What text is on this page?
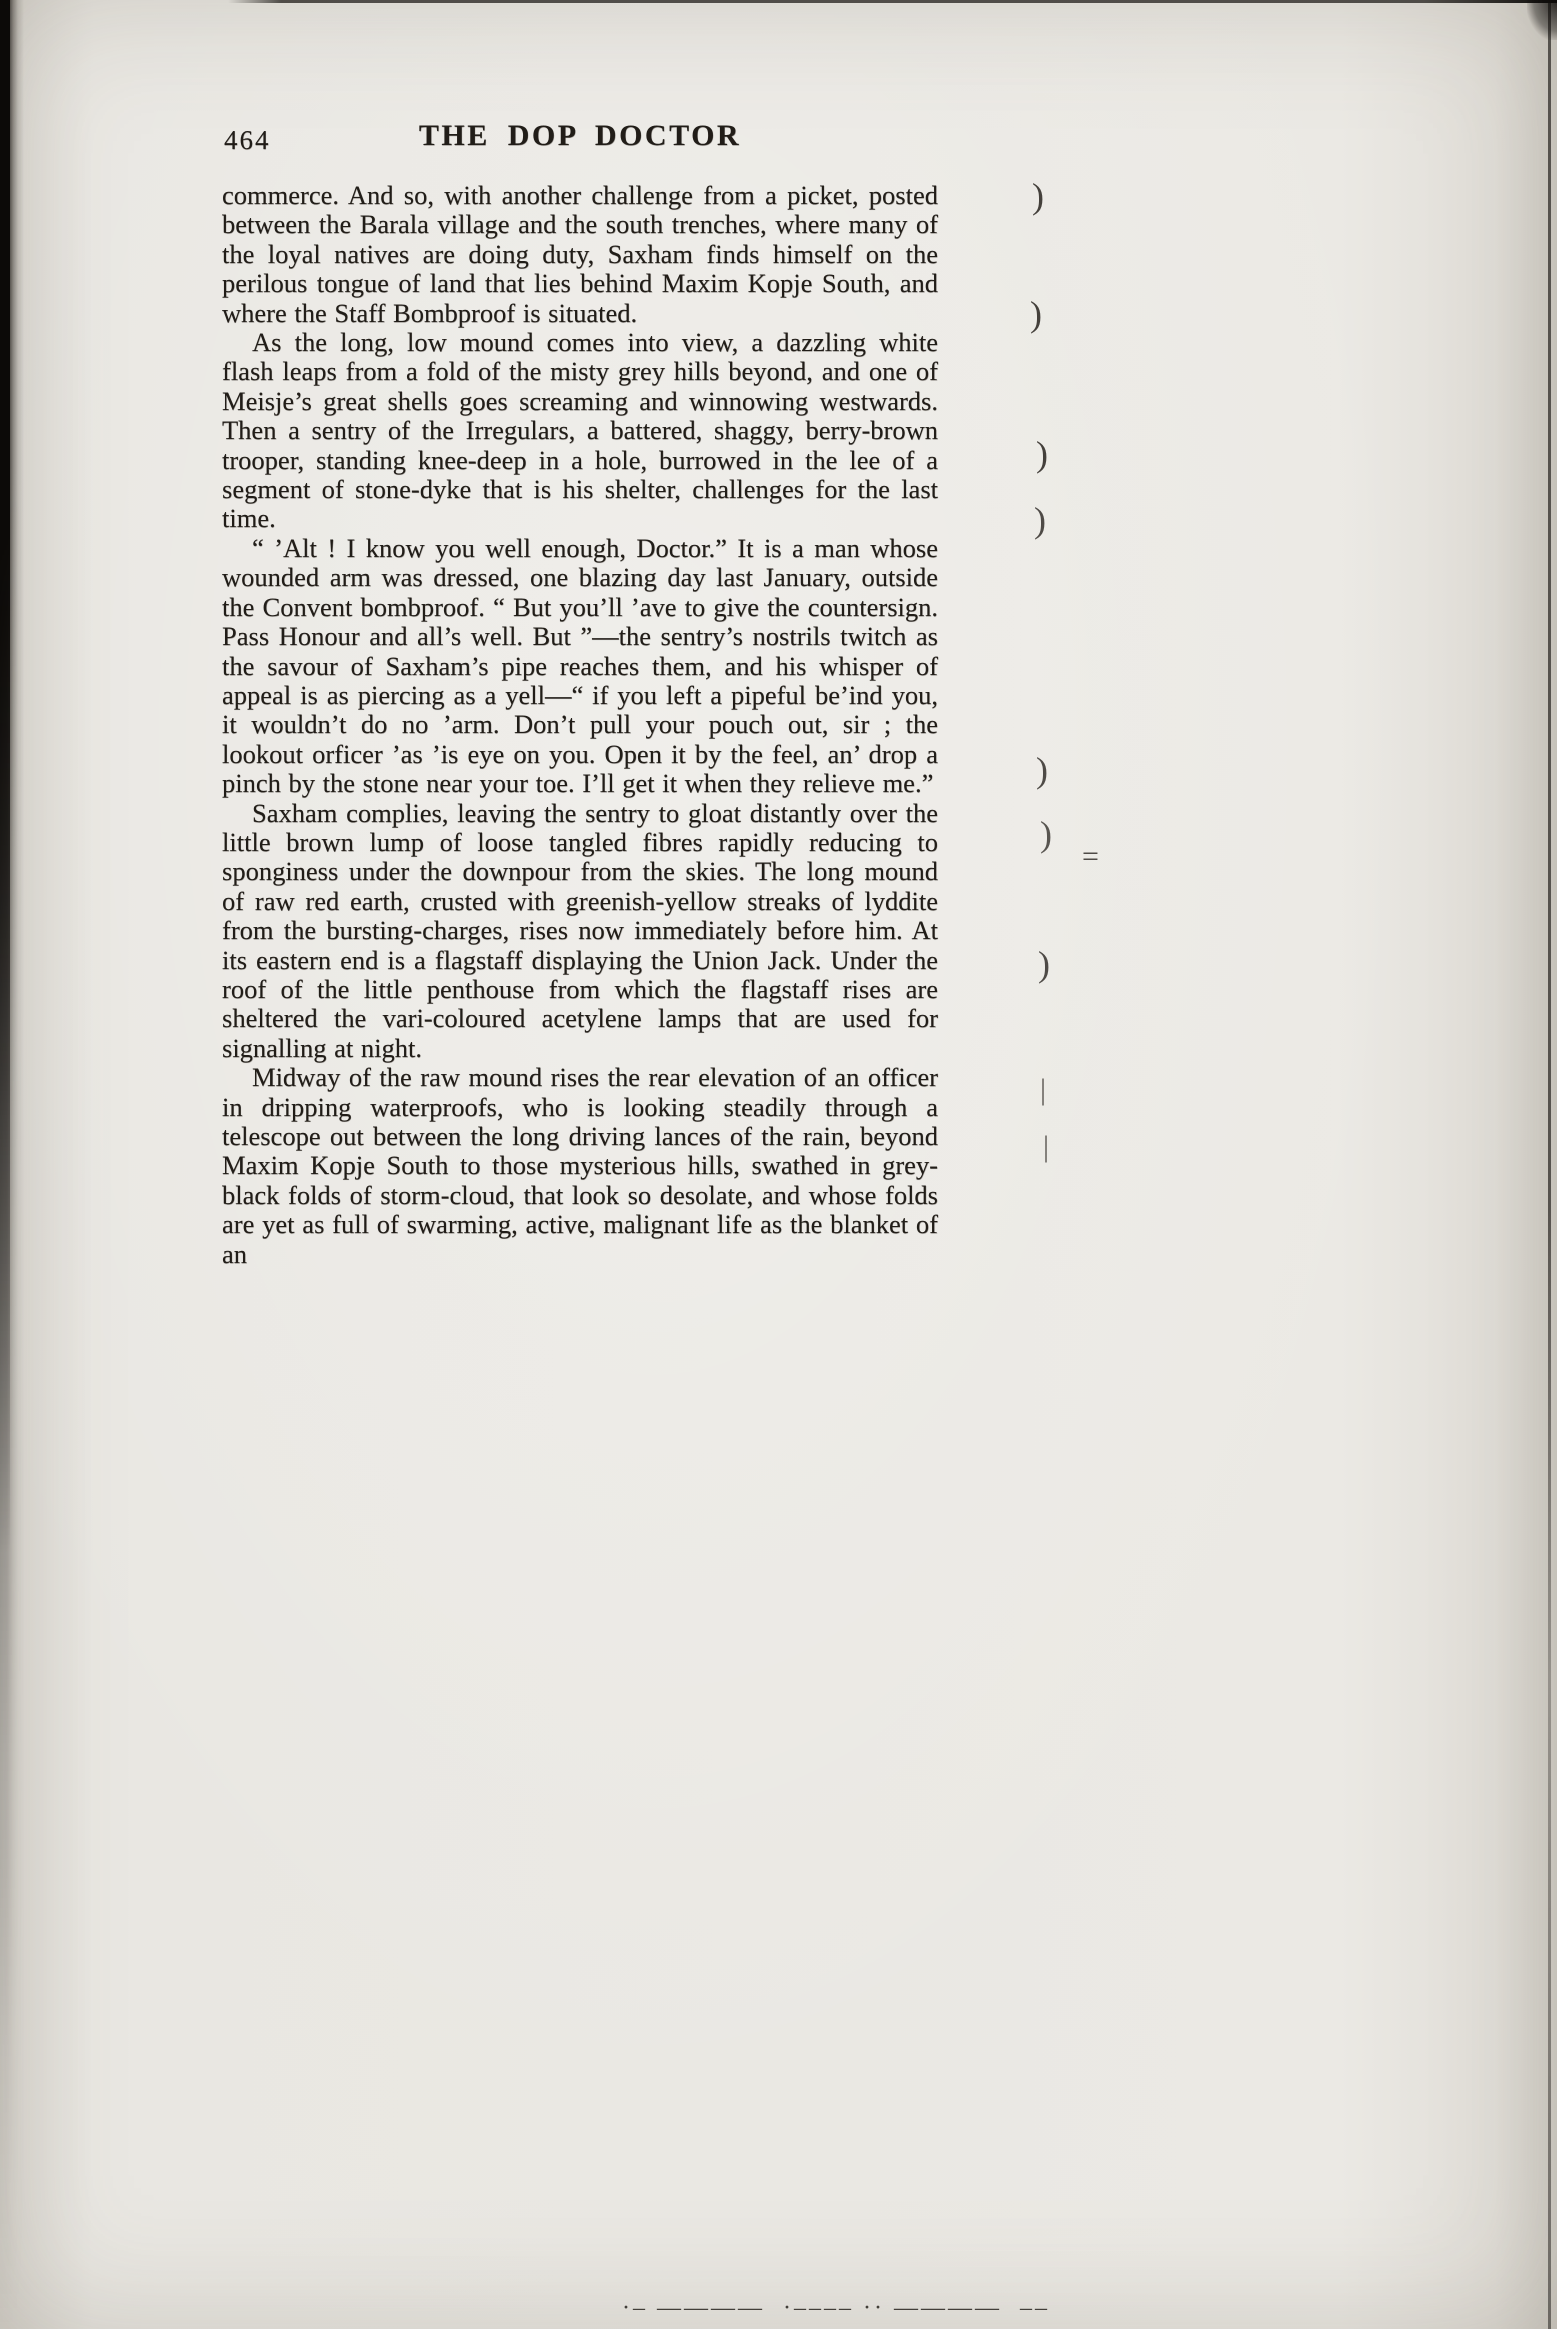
464	THE DOP DOCTOR

commerce. And so, with another challenge from a picket, posted between the Barala village and the south trenches, where many of the loyal natives are doing duty, Saxham finds himself on the perilous tongue of land that lies behind Maxim Kopje South, and where the Staff Bombproof is situated.

As the long, low mound comes into view, a dazzling white flash leaps from a fold of the misty grey hills beyond, and one of Meisje’s great shells goes screaming and winnowing westwards. Then a sentry of the Irregulars, a battered, shaggy, berry-brown trooper, standing knee-deep in a hole, burrowed in the lee of a segment of stone-dyke that is his shelter, challenges for the last time.

“ ’Alt ! I know you well enough, Doctor.” It is a man whose wounded arm was dressed, one blazing day last January, outside the Convent bombproof. “ But you’ll ’ave to give the countersign. Pass Honour and all’s well. But ”—the sentry’s nostrils twitch as the savour of Saxham’s pipe reaches them, and his whisper of appeal is as piercing as a yell—“ if you left a pipeful be’ind you, it wouldn’t do no ’arm. Don’t pull your pouch out, sir ; the lookout orficer ’as ’is eye on you. Open it by the feel, an’ drop a pinch by the stone near your toe. I’ll get it when they relieve me.”

Saxham complies, leaving the sentry to gloat distantly over the little brown lump of loose tangled fibres rapidly reducing to sponginess under the downpour from the skies. The long mound of raw red earth, crusted with greenish-yellow streaks of lyddite from the bursting-charges, rises now immediately before him. At its eastern end is a flagstaff displaying the Union Jack. Under the roof of the little penthouse from which the flagstaff rises are sheltered the vari-coloured acetylene lamps that are used for signalling at night.

Midway of the raw mound rises the rear elevation of an officer in dripping waterproofs, who is looking steadily through a telescope out between the long driving lances of the rain, beyond Maxim Kopje South to those mysterious hills, swathed in grey-black folds of storm-cloud, that look so desolate, and whose folds are yet as full of swarming, active, malignant life as the blanket of an

)
)
)
)
)
)
=
)
|
|
·– ————  ·–––– ·· ————  ––
